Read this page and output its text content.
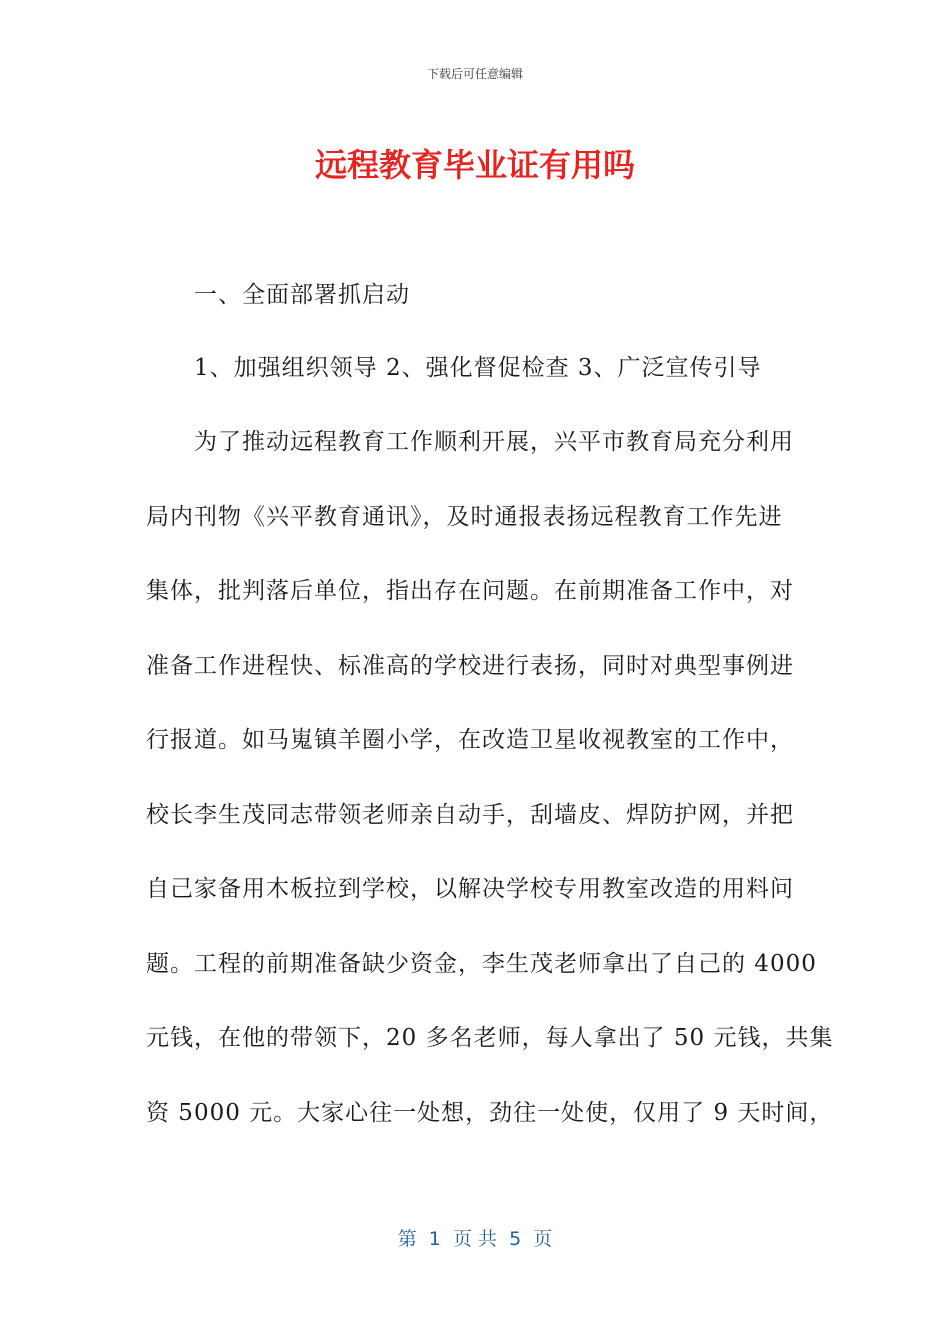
下载后可任意编辑
远程教育毕业证有用吗
一、全面部署抓启动
1、加强组织领导 2、强化督促检查 3、广泛宣传引导
为了推动远程教育工作顺利开展，兴平市教育局充分利用
局内刊物《兴平教育通讯》，及时通报表扬远程教育工作先进
集体，批判落后单位，指出存在问题。在前期准备工作中，对
准备工作进程快、标准高的学校进行表扬，同时对典型事例进
行报道。如马嵬镇羊圈小学，在改造卫星收视教室的工作中，
校长李生茂同志带领老师亲自动手，刮墙皮、焊防护网，并把
自己家备用木板拉到学校，以解决学校专用教室改造的用料问
题。工程的前期准备缺少资金，李生茂老师拿出了自己的 4000
元钱，在他的带领下，20 多名老师，每人拿出了 50 元钱，共集
资 5000 元。大家心往一处想，劲往一处使，仅用了 9 天时间，
第  1  页 共  5  页
